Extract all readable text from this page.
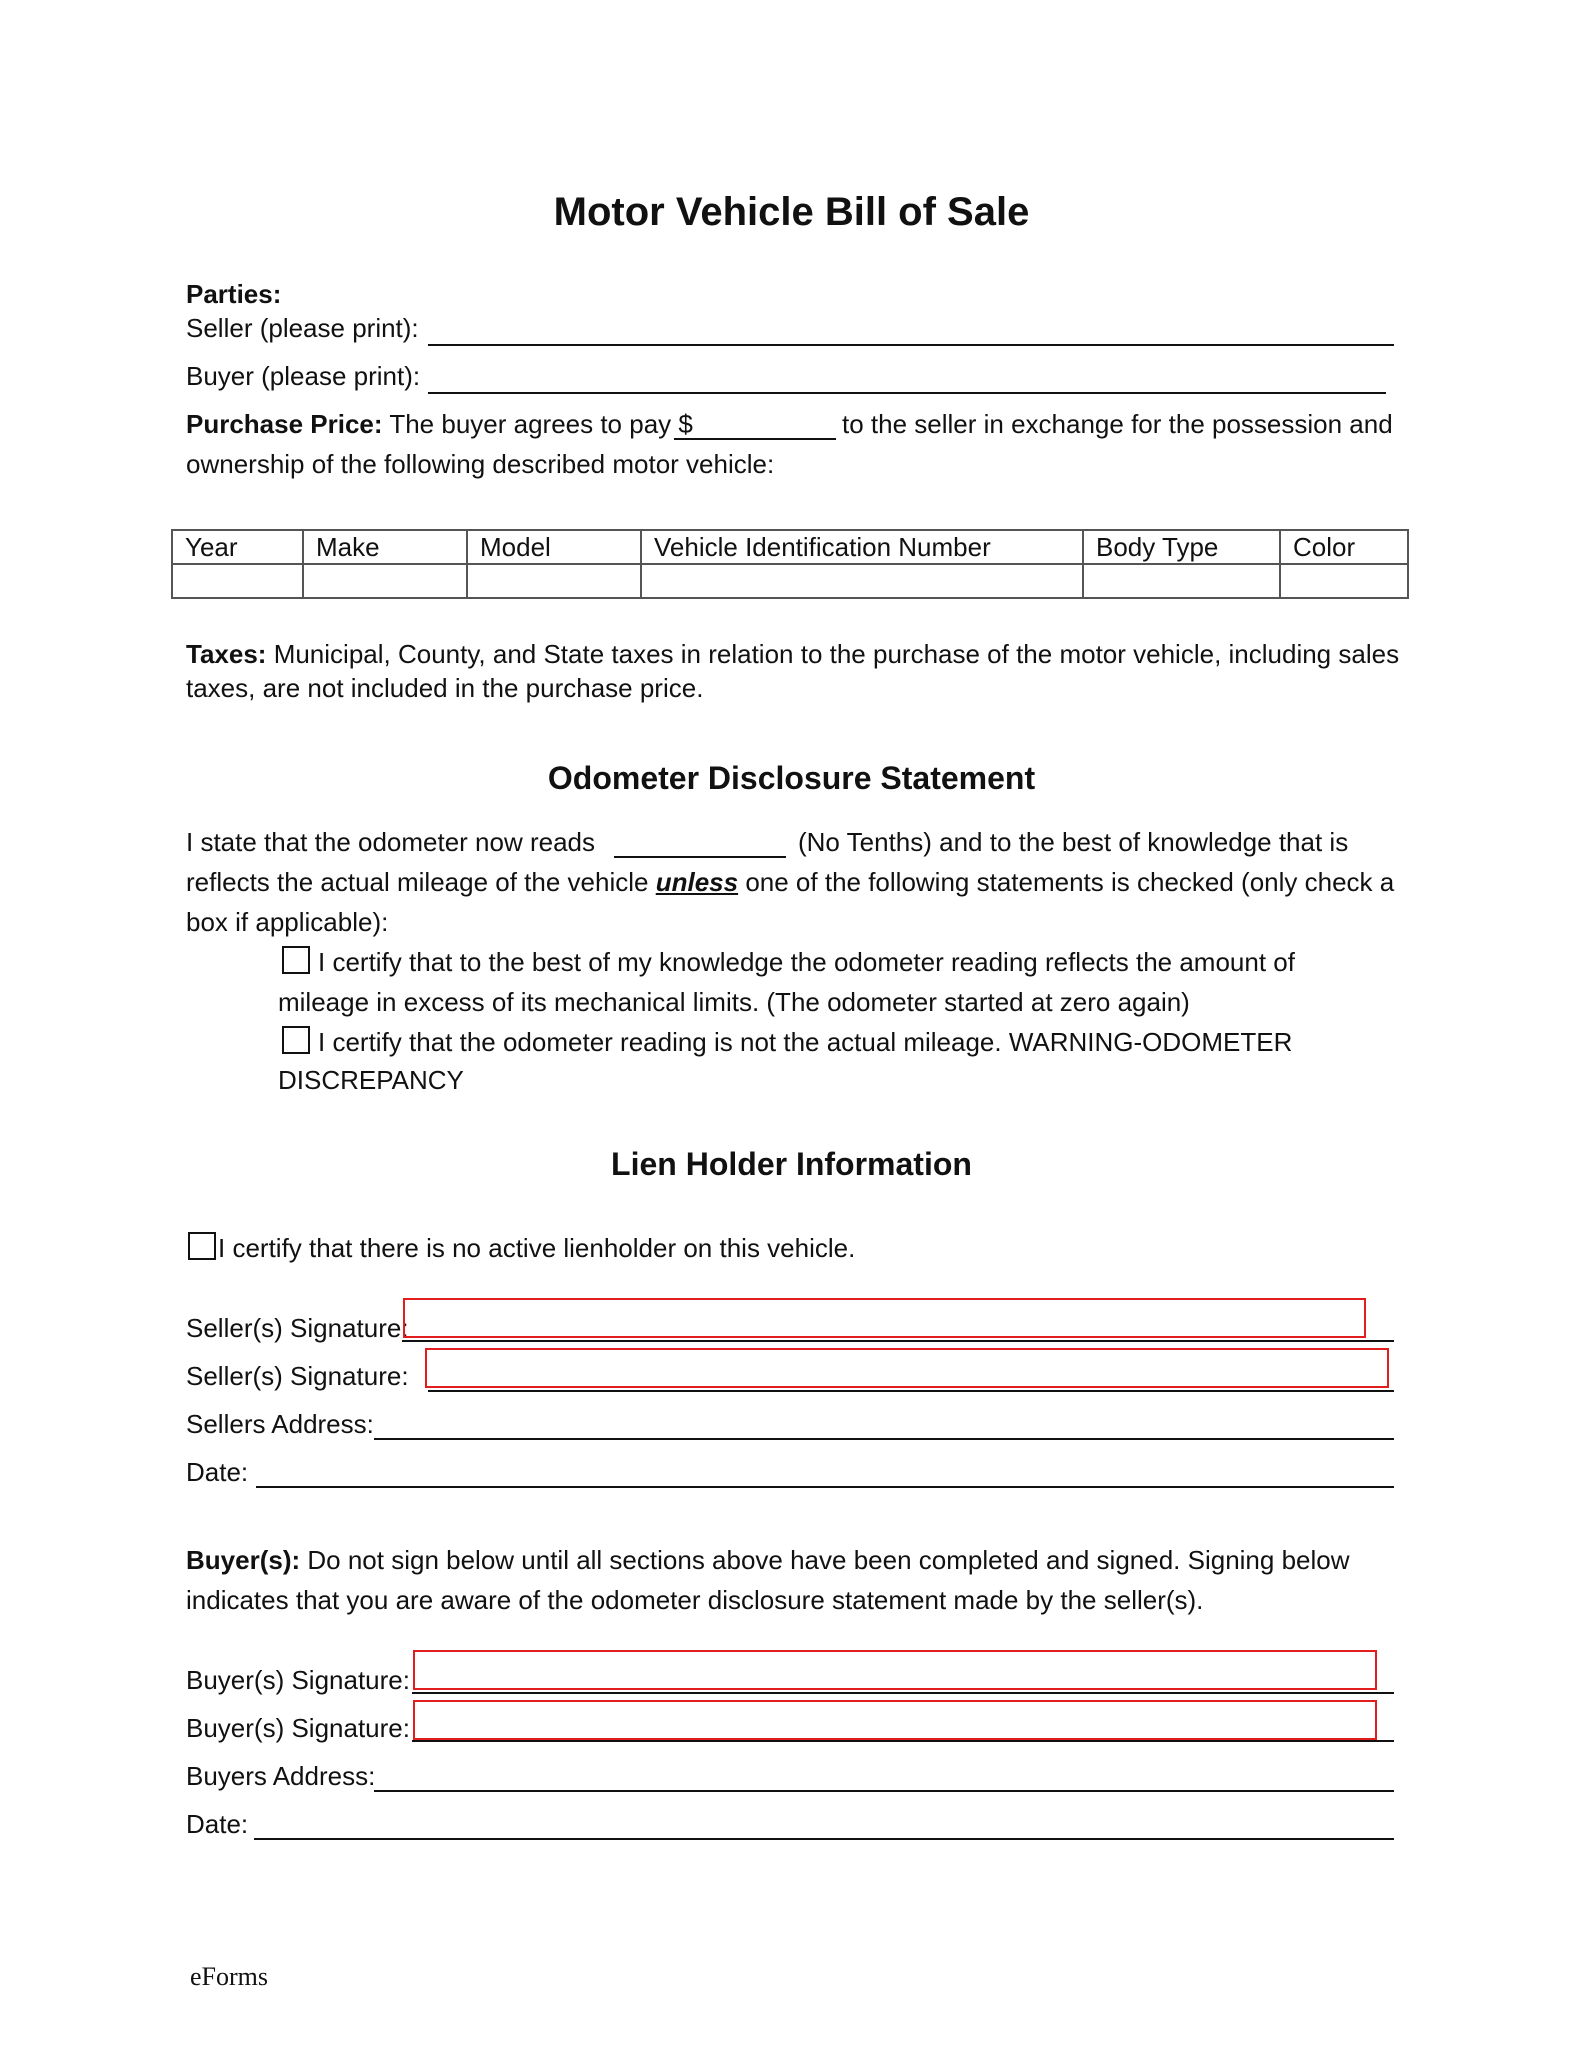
Motor Vehicle Bill of Sale
Parties:
Seller (please print):
Buyer (please print):
Purchase Price: The buyer agrees to pay $	to the seller in exchange for the possession and
ownership of the following described motor vehicle:
Year	Make	Model	Vehicle Identification Number	Body Type	Color

Taxes: Municipal, County, and State taxes in relation to the purchase of the motor vehicle, including sales
taxes, are not included in the purchase price.
Odometer Disclosure Statement
I state that the odometer now reads	(No Tenths) and to the best of knowledge that is
reflects the actual mileage of the vehicle unless one of the following statements is checked (only check a
box if applicable):
I certify that to the best of my knowledge the odometer reading reflects the amount of
mileage in excess of its mechanical limits. (The odometer started at zero again)
I certify that the odometer reading is not the actual mileage. WARNING-ODOMETER
DISCREPANCY
Lien Holder Information
I certify that there is no active lienholder on this vehicle.
Seller(s) Signature:
Seller(s) Signature:
Sellers Address:
Date:
Buyer(s): Do not sign below until all sections above have been completed and signed. Signing below
indicates that you are aware of the odometer disclosure statement made by the seller(s).
Buyer(s) Signature:
Buyer(s) Signature:
Buyers Address:
Date:
eForms
